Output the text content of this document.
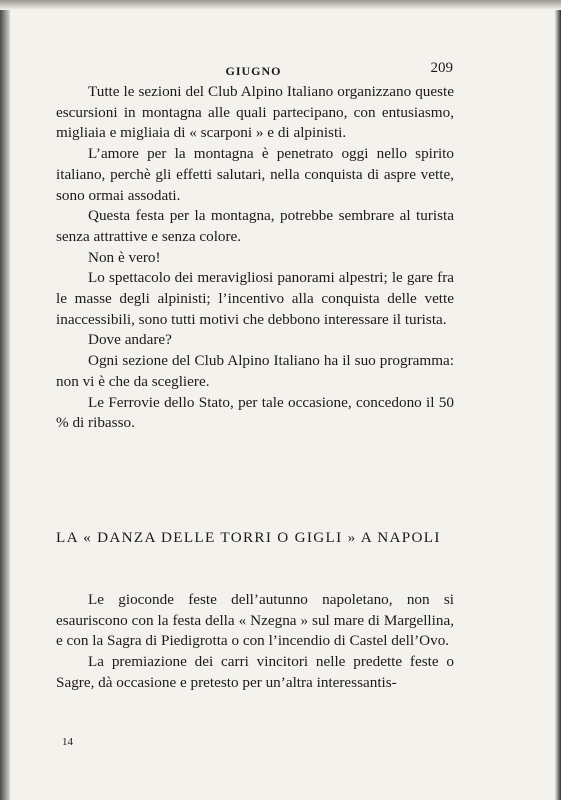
GIUGNO	209

Tutte le sezioni del Club Alpino Italiano organizzano queste escursioni in montagna alle quali partecipano, con entusiasmo, migliaia e migliaia di « scarponi » e di alpinisti.

L’amore per la montagna è penetrato oggi nello spirito italiano, perchè gli effetti salutari, nella conquista di aspre vette, sono ormai assodati.

Questa festa per la montagna, potrebbe sembrare al turista senza attrattive e senza colore.

Non è vero!

Lo spettacolo dei meravigliosi panorami alpestri; le gare fra le masse degli alpinisti; l’incentivo alla conquista delle vette inaccessibili, sono tutti motivi che debbono interessare il turista.

Dove andare?

Ogni sezione del Club Alpino Italiano ha il suo programma: non vi è che da scegliere.

Le Ferrovie dello Stato, per tale occasione, concedono il 50 % di ribasso.

LA « DANZA DELLE TORRI O GIGLI » A NAPOLI

Le gioconde feste dell’autunno napoletano, non si esauriscono con la festa della « Nzegna » sul mare di Margellina, e con la Sagra di Piedigrotta o con l’incendio di Castel dell’Ovo.

La premiazione dei carri vincitori nelle predette feste o Sagre, dà occasione e pretesto per un’altra interessantis-

14
